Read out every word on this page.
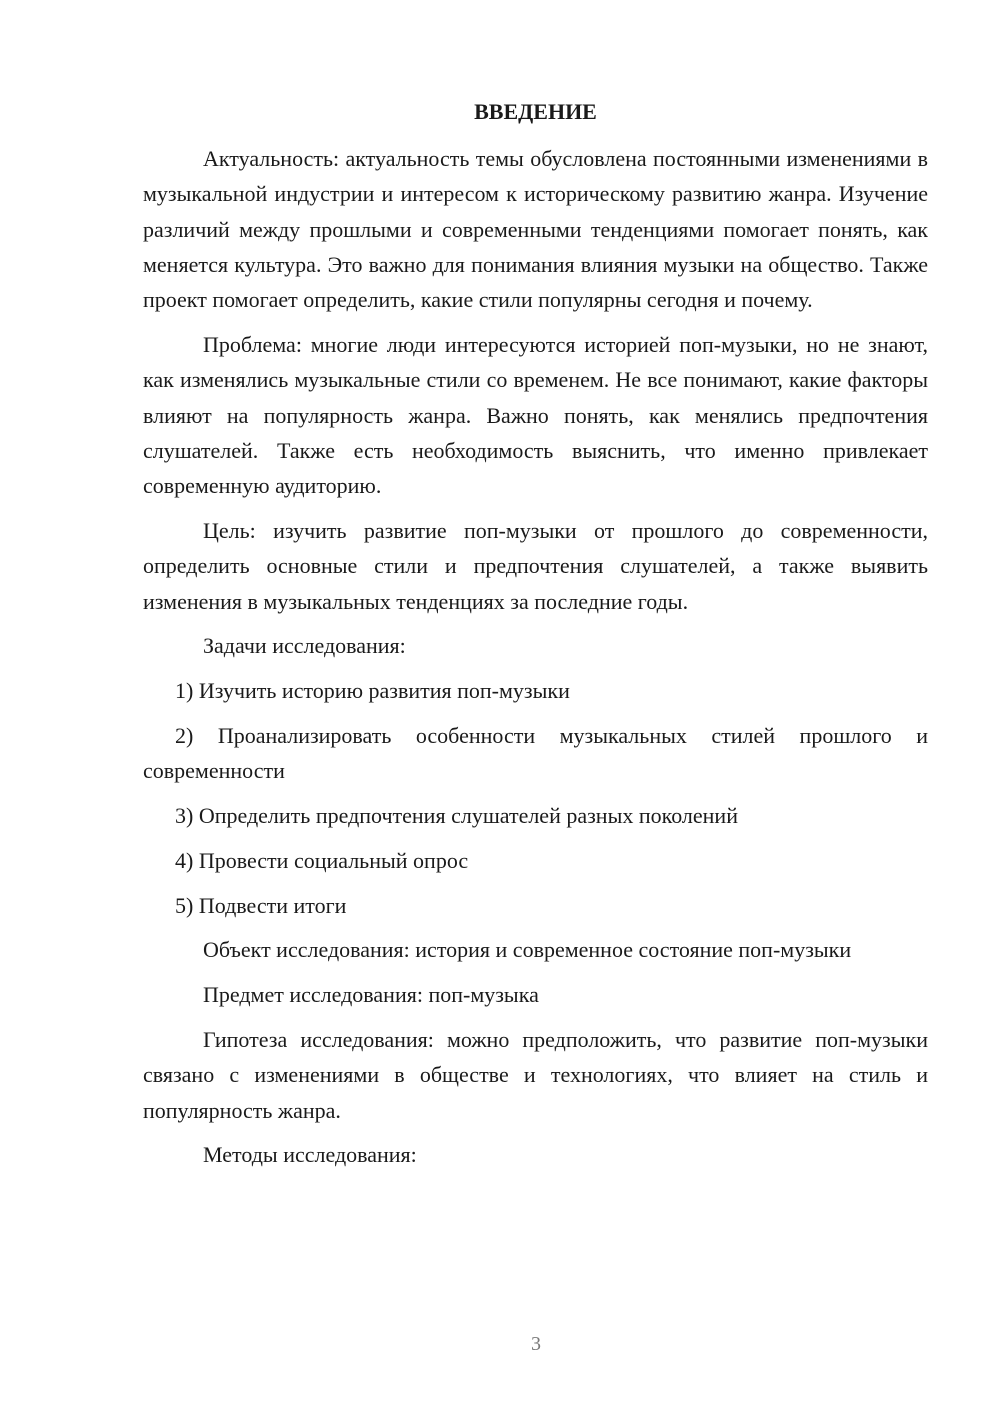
ВВЕДЕНИЕ

Актуальность: актуальность темы обусловлена постоянными изменениями в музыкальной индустрии и интересом к историческому развитию жанра. Изучение различий между прошлыми и современными тенденциями помогает понять, как меняется культура. Это важно для понимания влияния музыки на общество. Также проект помогает определить, какие стили популярны сегодня и почему.

Проблема: многие люди интересуются историей поп-музыки, но не знают, как изменялись музыкальные стили со временем. Не все понимают, какие факторы влияют на популярность жанра. Важно понять, как менялись предпочтения слушателей. Также есть необходимость выяснить, что именно привлекает современную аудиторию.

Цель: изучить развитие поп-музыки от прошлого до современности, определить основные стили и предпочтения слушателей, а также выявить изменения в музыкальных тенденциях за последние годы.

Задачи исследования:

1) Изучить историю развития поп-музыки

2) Проанализировать особенности музыкальных стилей прошлого и современности

3) Определить предпочтения слушателей разных поколений

4) Провести социальный опрос

5) Подвести итоги

Объект исследования: история и современное состояние поп-музыки

Предмет исследования: поп-музыка

Гипотеза исследования: можно предположить, что развитие поп-музыки связано с изменениями в обществе и технологиях, что влияет на стиль и популярность жанра.

Методы исследования:

3
